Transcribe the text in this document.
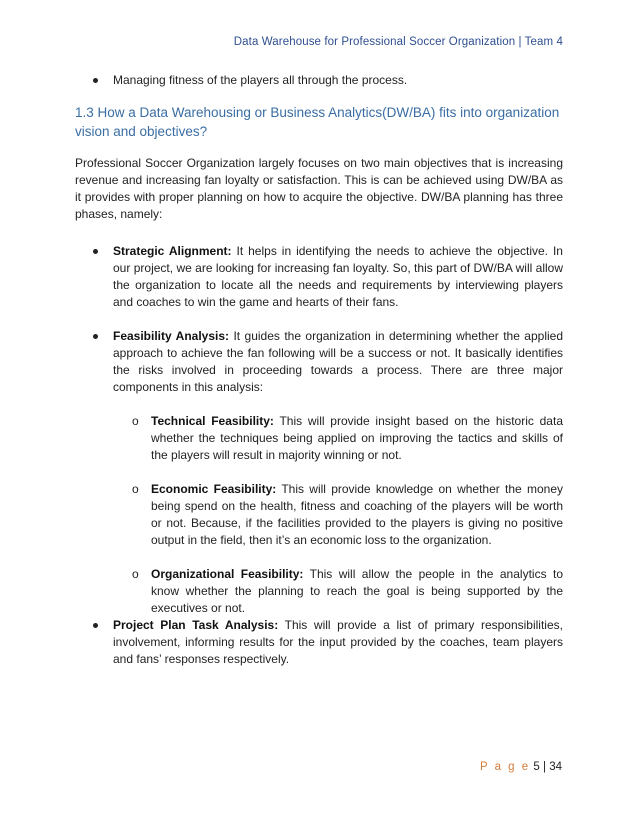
Data Warehouse for Professional Soccer Organization | Team 4
Managing fitness of the players all through the process.
1.3 How a Data Warehousing or Business Analytics(DW/BA) fits into organization vision and objectives?
Professional Soccer Organization largely focuses on two main objectives that is increasing revenue and increasing fan loyalty or satisfaction. This is can be achieved using DW/BA as it provides with proper planning on how to acquire the objective. DW/BA planning has three phases, namely:
Strategic Alignment: It helps in identifying the needs to achieve the objective. In our project, we are looking for increasing fan loyalty. So, this part of DW/BA will allow the organization to locate all the needs and requirements by interviewing players and coaches to win the game and hearts of their fans.
Feasibility Analysis: It guides the organization in determining whether the applied approach to achieve the fan following will be a success or not. It basically identifies the risks involved in proceeding towards a process. There are three major components in this analysis:
o Technical Feasibility: This will provide insight based on the historic data whether the techniques being applied on improving the tactics and skills of the players will result in majority winning or not.
o Economic Feasibility: This will provide knowledge on whether the money being spend on the health, fitness and coaching of the players will be worth or not. Because, if the facilities provided to the players is giving no positive output in the field, then it’s an economic loss to the organization.
o Organizational Feasibility: This will allow the people in the analytics to know whether the planning to reach the goal is being supported by the executives or not.
Project Plan Task Analysis: This will provide a list of primary responsibilities, involvement, informing results for the input provided by the coaches, team players and fans’ responses respectively.
P a g e 5 | 34
